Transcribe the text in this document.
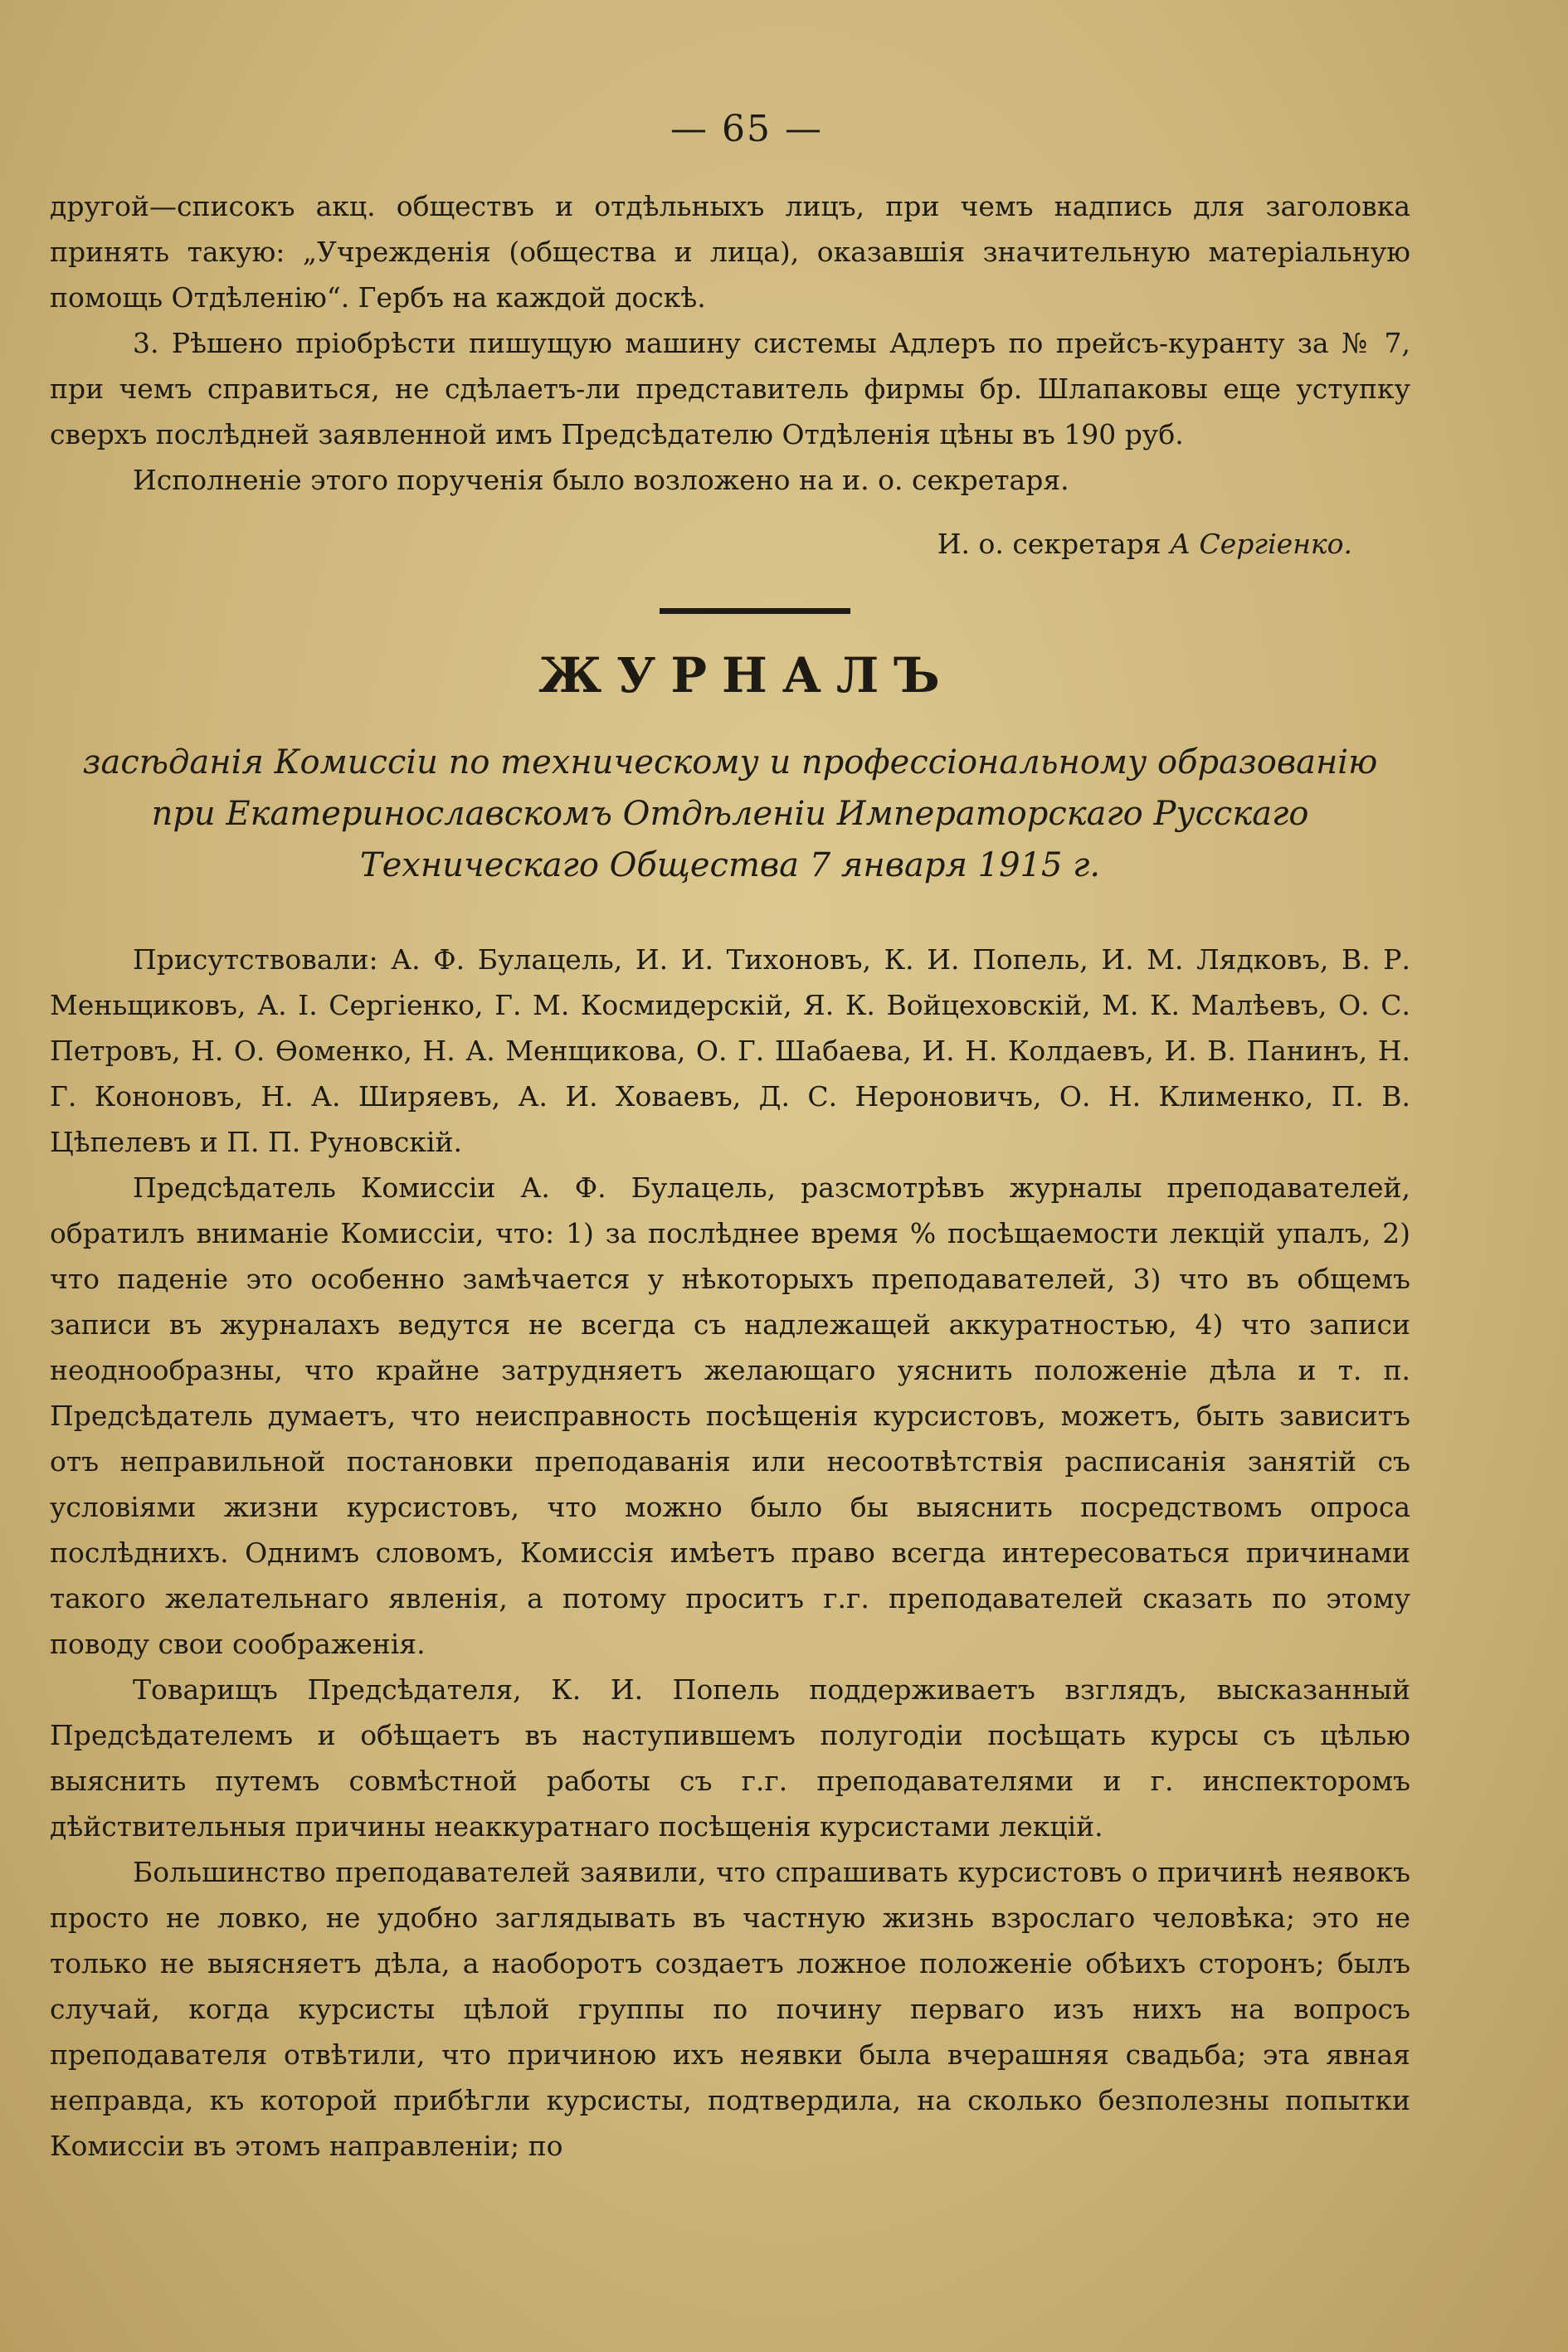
— 65 —

другой—списокъ акц. обществъ и отдѣльныхъ лицъ, при чемъ надпись для заголовка принять такую: „Учрежденія (общества и лица), оказавшія значительную матеріальную помощь Отдѣленію“. Гербъ на каждой доскѣ.

3. Рѣшено пріобрѣсти пишущую машину системы Адлеръ по прейсъ-куранту за № 7, при чемъ справиться, не сдѣлаетъ-ли представитель фирмы бр. Шлапаковы еще уступку сверхъ послѣдней заявленной имъ Предсѣдателю Отдѣленія цѣны въ 190 руб.

Исполненіе этого порученія было возложено на и. о. секретаря.

И. о. секретаря А Сергіенко.
ЖУРНАЛЪ
засѣданія Комиссіи по техническому и профессіональному образованію при Екатеринославскомъ Отдѣленіи Императорскаго Русскаго Техническаго Общества 7 января 1915 г.

Присутствовали: А. Ф. Булацель, И. И. Тихоновъ, К. И. Попель, И. М. Лядковъ, В. Р. Меньщиковъ, А. І. Сергіенко, Г. М. Космидерскій, Я. К. Войцеховскій, М. К. Малѣевъ, О. С. Петровъ, Н. О. Ѳоменко, Н. А. Менщикова, О. Г. Шабаева, И. Н. Колдаевъ, И. В. Панинъ, Н. Г. Кононовъ, Н. А. Ширяевъ, А. И. Ховаевъ, Д. С. Нероновичъ, О. Н. Клименко, П. В. Цѣпелевъ и П. П. Руновскій.

Предсѣдатель Комиссіи А. Ф. Булацель, разсмотрѣвъ журналы преподавателей, обратилъ вниманіе Комиссіи, что: 1) за послѣднее время % посѣщаемости лекцій упалъ, 2) что паденіе это особенно замѣчается у нѣкоторыхъ преподавателей, 3) что въ общемъ записи въ журналахъ ведутся не всегда съ надлежащей аккуратностью, 4) что записи неоднообразны, что крайне затрудняетъ желающаго уяснить положеніе дѣла и т. п. Предсѣдатель думаетъ, что неисправность посѣщенія курсистовъ, можетъ, быть зависитъ отъ неправильной постановки преподаванія или несоотвѣтствія расписанія занятій съ условіями жизни курсистовъ, что можно было бы выяснить посредствомъ опроса послѣднихъ. Однимъ словомъ, Комиссія имѣетъ право всегда интересоваться причинами такого желательнаго явленія, а потому проситъ г.г. преподавателей сказать по этому поводу свои соображенія.

Товарищъ Предсѣдателя, К. И. Попель поддерживаетъ взглядъ, высказанный Предсѣдателемъ и обѣщаетъ въ наступившемъ полугодіи посѣщать курсы съ цѣлью выяснить путемъ совмѣстной работы съ г.г. преподавателями и г. инспекторомъ дѣйствительныя причины неаккуратнаго посѣщенія курсистами лекцій.

Большинство преподавателей заявили, что спрашивать курсистовъ о причинѣ неявокъ просто не ловко, не удобно заглядывать въ частную жизнь взрослаго человѣка; это не только не выясняетъ дѣла, а наоборотъ создаетъ ложное положеніе обѣихъ сторонъ; былъ случай, когда курсисты цѣлой группы по почину перваго изъ нихъ на вопросъ преподавателя отвѣтили, что причиною ихъ неявки была вчерашняя свадьба; эта явная неправда, къ которой прибѣгли курсисты, подтвердила, на сколько безполезны попытки Комиссіи въ этомъ направленіи; по
